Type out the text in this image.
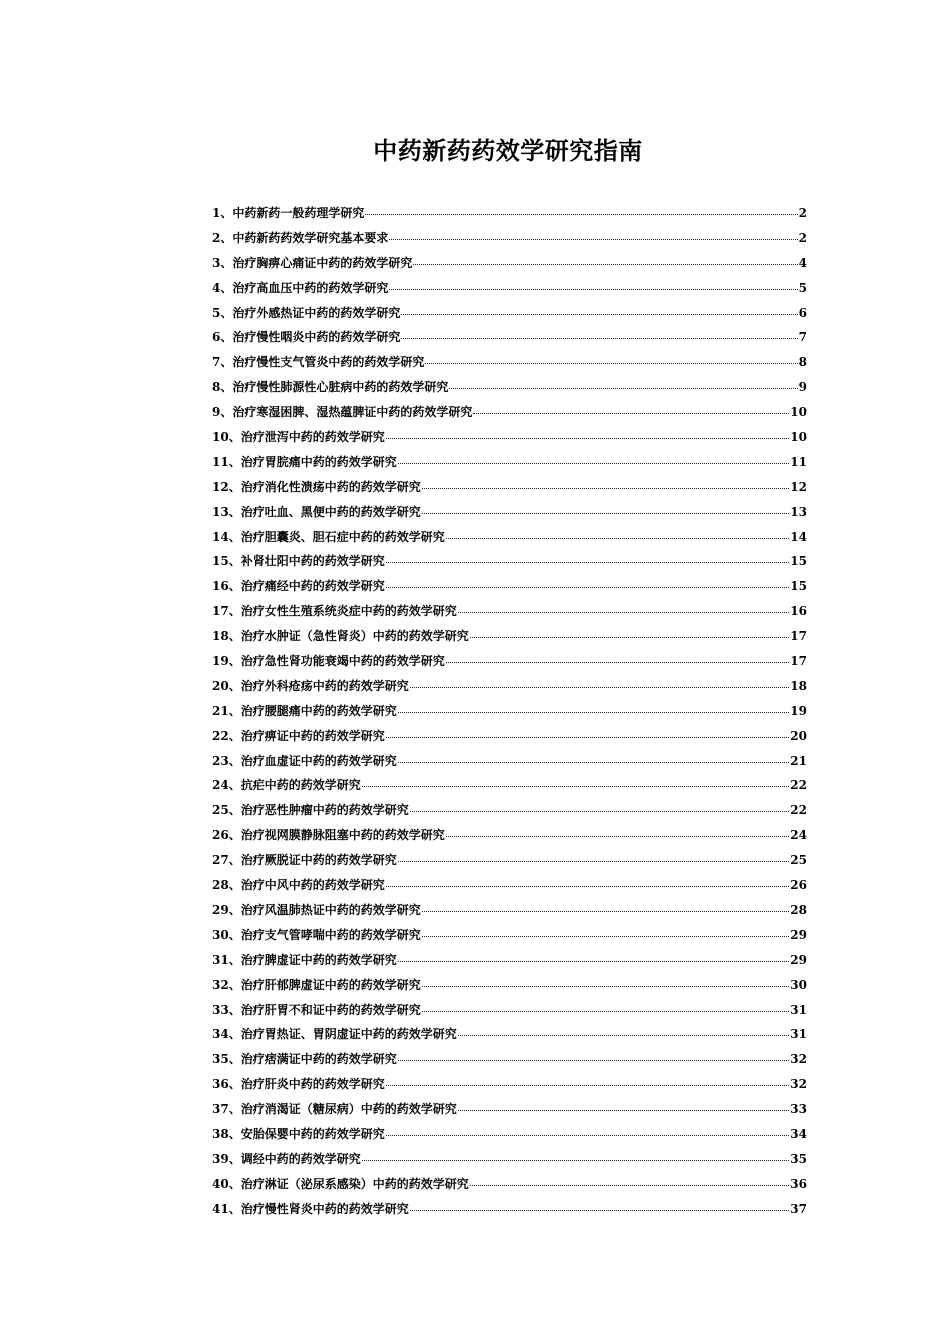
中药新药药效学研究指南
1、中药新药一般药理学研究	2
2、中药新药药效学研究基本要求	2
3、治疗胸痹心痛证中药的药效学研究	4
4、治疗高血压中药的药效学研究	5
5、治疗外感热证中药的药效学研究	6
6、治疗慢性咽炎中药的药效学研究	7
7、治疗慢性支气管炎中药的药效学研究	8
8、治疗慢性肺源性心脏病中药的药效学研究	9
9、治疗寒湿困脾、湿热蕴脾证中药的药效学研究	10
10、治疗泄泻中药的药效学研究	10
11、治疗胃脘痛中药的药效学研究	11
12、治疗消化性溃疡中药的药效学研究	12
13、治疗吐血、黑便中药的药效学研究	13
14、治疗胆囊炎、胆石症中药的药效学研究	14
15、补肾壮阳中药的药效学研究	15
16、治疗痛经中药的药效学研究	15
17、治疗女性生殖系统炎症中药的药效学研究	16
18、治疗水肿证（急性肾炎）中药的药效学研究	17
19、治疗急性肾功能衰竭中药的药效学研究	17
20、治疗外科疮疡中药的药效学研究	18
21、治疗腰腿痛中药的药效学研究	19
22、治疗痹证中药的药效学研究	20
23、治疗血虚证中药的药效学研究	21
24、抗疟中药的药效学研究	22
25、治疗恶性肿瘤中药的药效学研究	22
26、治疗视网膜静脉阻塞中药的药效学研究	24
27、治疗厥脱证中药的药效学研究	25
28、治疗中风中药的药效学研究	26
29、治疗风温肺热证中药的药效学研究	28
30、治疗支气管哮喘中药的药效学研究	29
31、治疗脾虚证中药的药效学研究	29
32、治疗肝郁脾虚证中药的药效学研究	30
33、治疗肝胃不和证中药的药效学研究	31
34、治疗胃热证、胃阴虚证中药的药效学研究	31
35、治疗痞满证中药的药效学研究	32
36、治疗肝炎中药的药效学研究	32
37、治疗消渴证（糖尿病）中药的药效学研究	33
38、安胎保婴中药的药效学研究	34
39、调经中药的药效学研究	35
40、治疗淋证（泌尿系感染）中药的药效学研究	36
41、治疗慢性肾炎中药的药效学研究	37
